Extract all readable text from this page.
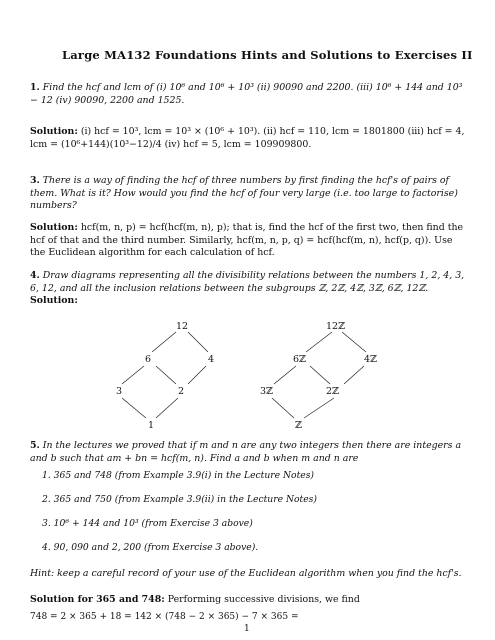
Large MA132 Foundations Hints and Solutions to Exercises II
1. Find the hcf and lcm of (i) 10⁶ and 10⁶ + 10³ (ii) 90090 and 2200. (iii) 10⁶ + 144 and 10³ − 12 (iv) 90090, 2200 and 1525.
Solution: (i) hcf = 10³, lcm = 10³ × (10⁶ + 10³). (ii) hcf = 110, lcm = 1801800 (iii) hcf = 4, lcm = (10⁶+144)(10³−12)/4 (iv) hcf = 5, lcm = 109909800.
3. There is a way of finding the hcf of three numbers by first finding the hcf's of pairs of them. What is it? How would you find the hcf of four very large (i.e. too large to factorise) numbers?
Solution: hcf(m, n, p) = hcf(hcf(m, n), p); that is, find the hcf of the first two, then find the hcf of that and the third number. Similarly, hcf(m, n, p, q) = hcf(hcf(m, n), hcf(p, q)). Use the Euclidean algorithm for each calculation of hcf.
4. Draw diagrams representing all the divisibility relations between the numbers 1, 2, 4, 3, 6, 12, and all the inclusion relations between the subgroups ℤ, 2ℤ, 4ℤ, 3ℤ, 6ℤ, 12ℤ.
Solution:
12
6	4
3	2
1
12ℤ
6ℤ	4ℤ
3ℤ	2ℤ
ℤ
5. In the lectures we proved that if m and n are any two integers then there are integers a and b such that am + bn = hcf(m, n). Find a and b when m and n are
1. 365 and 748 (from Example 3.9(i) in the Lecture Notes)
2. 365 and 750 (from Example 3.9(ii) in the Lecture Notes)
3. 10⁶ + 144 and 10³ (from Exercise 3 above)
4. 90, 090 and 2, 200 (from Exercise 3 above).
Hint: keep a careful record of your use of the Euclidean algorithm when you find the hcf's.
Solution for 365 and 748: Performing successive divisions, we find
748 = 2 × 365 + 18 = 142 × (748 − 2 × 365) − 7 × 365 =
1
